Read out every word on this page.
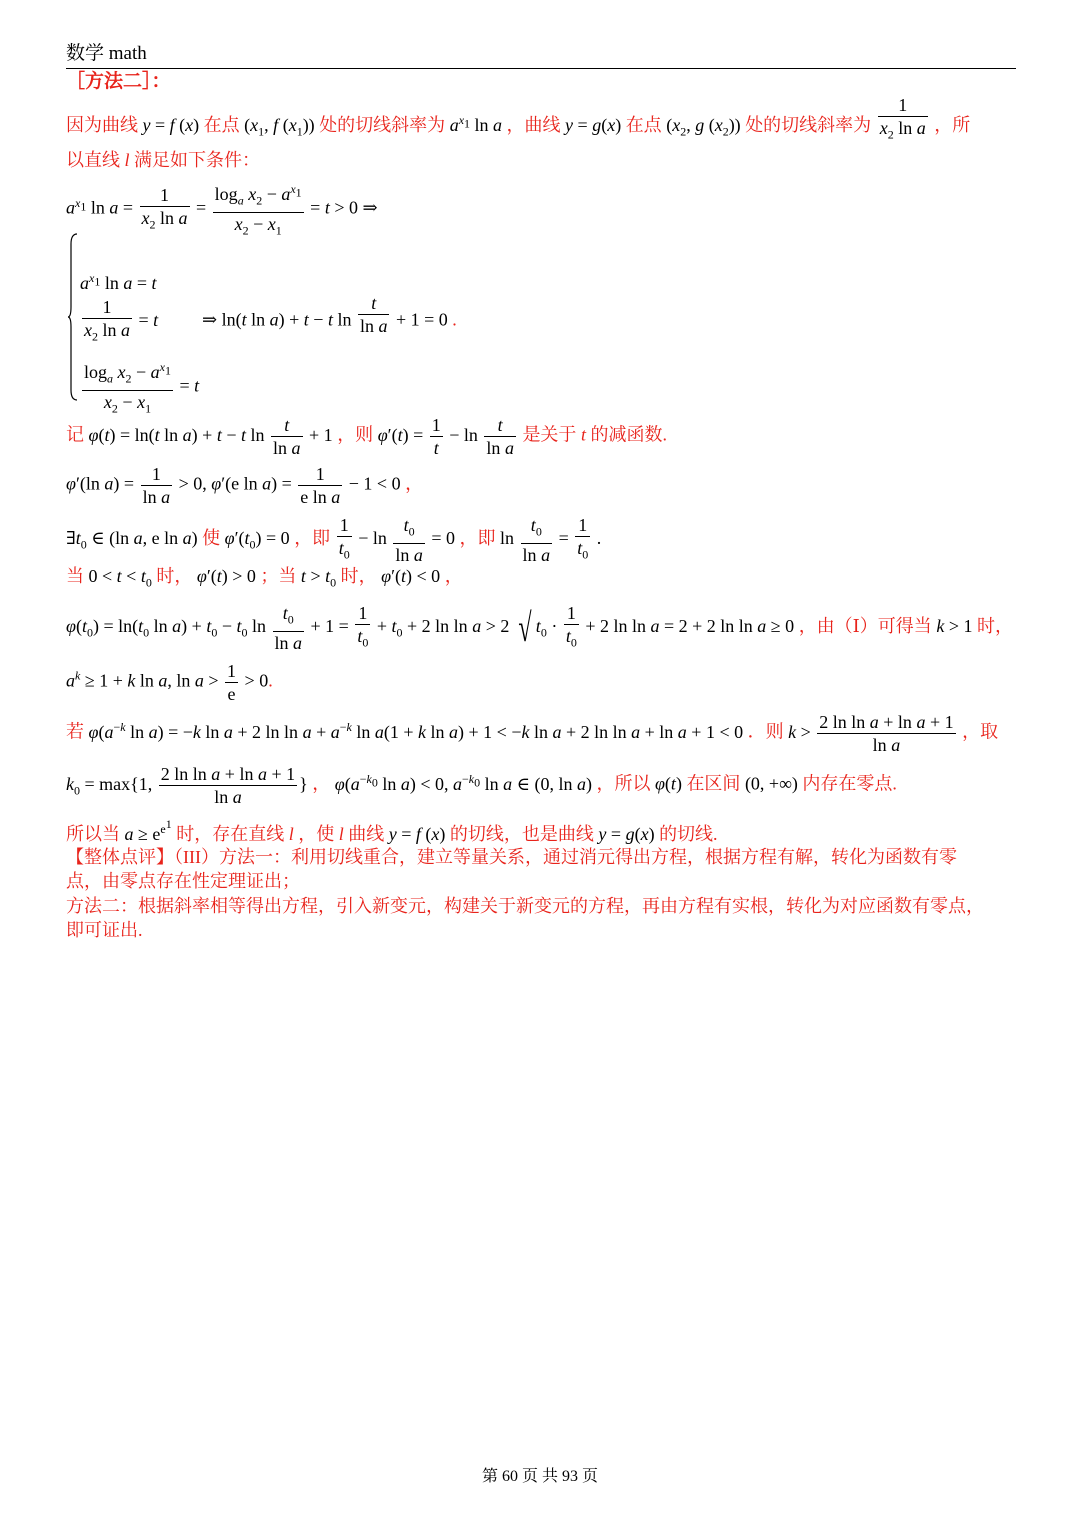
数学 math
［方法二］：
因为曲线 y = f (x) 在点 ($x_1$, f $(x_1)$) 处的切线斜率为 $a^{x_1}$ ln a ，曲线 y = g(x) 在点 ($x_2$, g $(x_2)$) 处的切线斜率为 $\frac{1}{x_2 \ln a}$ ，所
以直线 l 满足如下条件：
$a^{x_1}$ $\ln a = \frac{1}{x_2 \ln a} = \frac{\log_a x_2 - a^{x_1}}{x_2 - x_1} = t > 0$ ⇒
$a^{x_1}$ ln a = t
$\frac{1}{x_2 \ln a} = t$ ⇒ ln(t ln a) + t − t $\ln \frac{t}{\text{ln a}} + 1 = 0$ .
$\frac{\log_a x_2 - a^{x_1}}{x_2 - x_1} = t$
记 φ(t) = ln(t ln a) + t − t $\ln \frac{t}{\text{ln a}} + 1$ ，则 $\varphi'(t) = \frac{1}{t} - \ln \frac{t}{\text{ln a}}$ 是关于 t 的减函数.
φ′(ln $a) = \frac{1}{\text{ln a}} > 0$, φ′(e $\ln a) = \frac{1}{\text{e ln a}} - 1 < 0$ ，
$\exists t_0$ ∈ (ln a, e ln a) 使 $\varphi'(t_0) = 0$ ，即 $\frac{1}{t_0} - \ln \frac{t_0}{\text{ln a}} = 0$ ，即 $\ln \frac{t_0}{\text{ln a}} = \frac{1}{t_0}$ .
当 $0 < t < t_0$ 时， φ′(t) > 0 ；当 $t > t_0$ 时， φ′(t) < 0 ，
$\varphi(t_0) = \ln(t_0$ $\ln a) + t_0 - t_0$ $\ln \frac{t_0}{\text{ln a}} + 1 = \frac{1}{t_0} + t_0 + 2$ ln ln a > 2 √ $t_0 \cdot \frac{1}{t_0} + 2$ ln ln a = 2 + 2 ln ln a ≥ 0 ，由（Ⅰ）可得当 k > 1 时，
$a^k \ge 1 + k$ ln a, $\ln a > \frac{1}{e} > 0$.
若 $\varphi(a^{-k}$ ln a) = −k ln a + 2 $\ln \ln a + a^{-k}$ ln a(1 + k ln a) + 1 < −k ln a + 2 ln ln a + ln a + 1 < 0 ．则 $k > \frac{\text{2 ln ln a + ln a + 1}}{\text{ln a}}$ ，取
$k_0 = \max\{1$, $\frac{\text{2 ln ln a + ln a + 1}}{\text{ln a}}$ } ， $\varphi(a^{-k_0}$ ln a) < 0, $a^{-k_0}$ ln a ∈ (0, ln a) ，所以 φ(t) 在区间 (0, +∞) 内存在零点.
所以当 $a \ge e^{e^1}$ 时，存在直线 l ，使 l 曲线 y = f (x) 的切线，也是曲线 y = g(x) 的切线.
【整体点评】（III）方法一：利用切线重合，建立等量关系，通过消元得出方程，根据方程有解，转化为函数有零
点，由零点存在性定理证出；
方法二：根据斜率相等得出方程，引入新变元，构建关于新变元的方程，再由方程有实根，转化为对应函数有零点，
即可证出.
第 60 页 共 93 页
